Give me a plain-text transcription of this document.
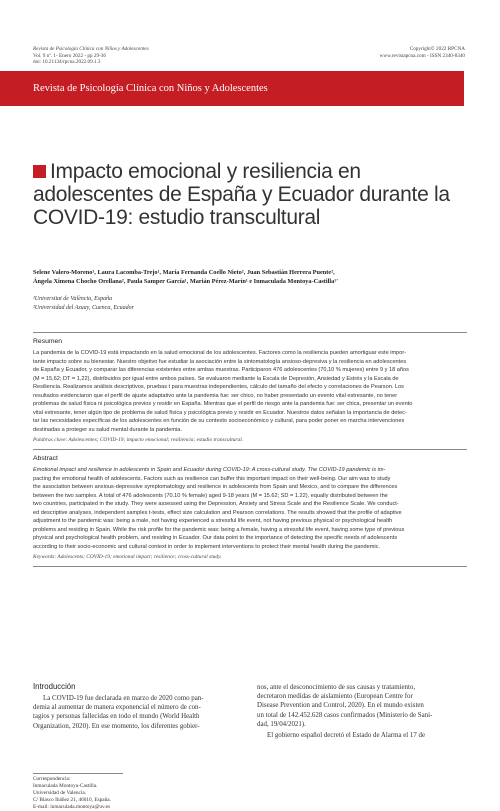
Revista de Psicología Clínica con Niños y Adolescentes
Vol. 9 nº. 1- Enero 2022 - pp 29-36
doi: 10.21134/rpcna.2022.09.1.3
Copyright© 2022 RPCNA
www.revistapcna.com - ISSN 2340-8340
Revista de Psicología Clínica con Niños y Adolescentes
Impacto emocional y resiliencia en adolescentes de España y Ecuador durante la COVID-19: estudio transcultural
Selene Valero-Moreno¹, Laura Lacomba-Trejo¹, María Fernanda Coello Nieto², Juan Sebastián Herrera Puente²,
Ángela Ximena Chocho Orellana², Paula Samper García¹, Marián Pérez-Marín¹ e Inmaculada Montoya-Castilla¹'
¹Universitat de València, España
²Universidad del Azuay, Cuenca, Ecuador
Resumen
La pandemia de la COVID-19 está impactando en la salud emocional de los adolescentes. Factores como la resiliencia pueden amortiguar este impor-
tante impacto sobre su bienestar. Nuestro objetivo fue estudiar la asociación entre la sintomatología ansioso-depresiva y la resiliencia en adolescentes
de España y Ecuador, y comparar las diferencias existentes entre ambas muestras. Participaron 476 adolescentes (70,10 % mujeres) entre 9 y 18 años
(M = 15,62; DT = 1,22), distribuidos por igual entre ambos países. Se evaluaron mediante la Escala de Depresión, Ansiedad y Estrés y la Escala de
Resiliencia. Realizamos análisis descriptivos, pruebas t para muestras independientes, cálculo del tamaño del efecto y correlaciones de Pearson. Los
resultados evidenciaron que el perfil de ajuste adaptativo ante la pandemia fue: ser chico, no haber presentado un evento vital estresante, no tener
problemas de salud física ni psicológica previos y residir en España. Mientras que el perfil de riesgo ante la pandemia fue: ser chica, presentar un evento
vital estresante, tener algún tipo de problema de salud física y psicológica previo y residir en Ecuador. Nuestros datos señalan la importancia de detec-
tar las necesidades específicas de los adolescentes en función de su contexto socioeconómico y cultural, para poder poner en marcha intervenciones
destinadas a proteger su salud mental durante la pandemia.
Palabras clave: Adolescentes; COVID-19; impacto emocional; resiliencia; estudio transcultural.
Abstract
Emotional impact and resilience in adolescents in Spain and Ecuador during COVID-19: A cross-cultural study. The COVID-19 pandemic is im-
pacting the emotional health of adolescents. Factors such as resilience can buffer this important impact on their well-being. Our aim was to study
the association between anxious-depressive symptomatology and resilience in adolescents from Spain and Mexico, and to compare the differences
between the two samples. A total of 476 adolescents (70.10 % female) aged 9-18 years (M = 15.62; SD = 1.22), equally distributed between the
two countries, participated in the study. They were assessed using the Depression, Anxiety and Stress Scale and the Resilience Scale. We conduct-
ed descriptive analyses, independent samples t-tests, effect size calculation and Pearson correlations. The results showed that the profile of adaptive
adjustment to the pandemic was: being a male, not having experienced a stressful life event, not having previous physical or psychological health
problems and residing in Spain. While the risk profile for the pandemic was: being a female, having a stressful life event, having some type of previous
physical and psychological health problem, and residing in Ecuador. Our data point to the importance of detecting the specific needs of adolescents
according to their socio-economic and cultural context in order to implement interventions to protect their mental health during the pandemic.
Keywords: Adolescents; COVID-19; emotional impact; resilience; cross-cultural study.
Introducción
La COVID-19 fue declarada en marzo de 2020 como pan-
demia al aumentar de manera exponencial el número de con-
tagios y personas fallecidas en todo el mundo (World Health
Organization, 2020). En ese momento, los diferentes gobier-
nos, ante el desconocimiento de sus causas y tratamiento,
decretaron medidas de aislamiento (European Centre for
Disease Prevention and Control, 2020). En el mundo existen
un total de 142.452.628 casos confirmados (Ministerio de Sani-
dad, 19/04/2021).
El gobierno español decretó el Estado de Alarma el 17 de
Correspondencia:
Inmaculada Montoya-Castilla.
Universidad de Valencia.
C/ Blasco Ibáñez 21, 46010, España.
E-mail: inmaculada.montoya@uv.es
